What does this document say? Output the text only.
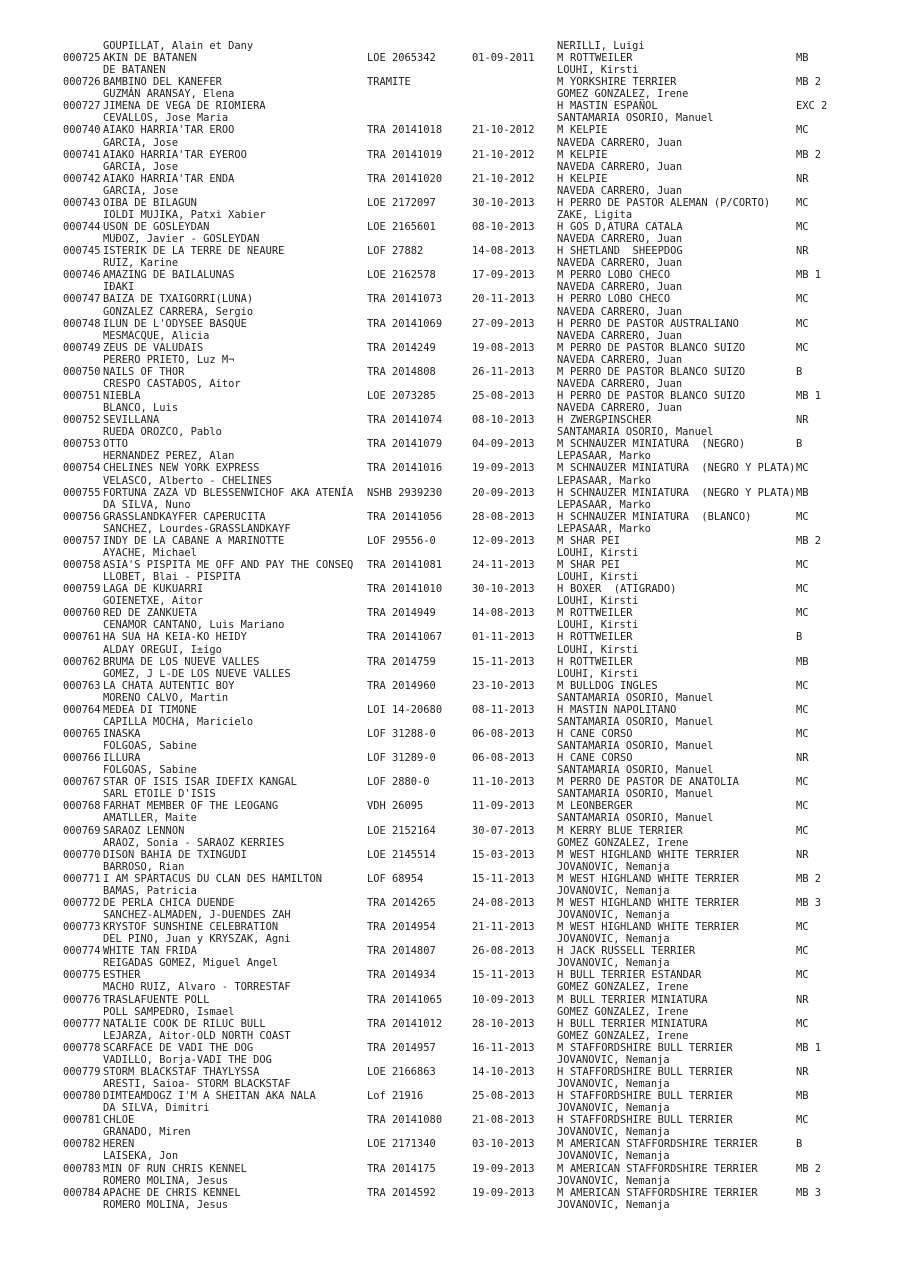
GOUPILLAT, Alain et Dany

	NERILLI, Luigi

000725 AKIN DE BATANEN	LOE 2065342	01-09-2011 M ROTTWEILER	MB
DE BATANEN	LOUHI, Kirsti
000726 BAMBINO DEL KANEFER	TRAMITE	M YORKSHIRE TERRIER	MB 2
GUZMÁN ARANSAY, Elena	GOMEZ GONZALEZ, Irene
000727 JIMENA DE VEGA DE RIOMIERA	H MASTIN ESPAÑOL	EXC 2
CEVALLOS, Jose Maria	SANTAMARIA OSORIO, Manuel
000740 AIAKO HARRIA'TAR EROO	TRA 20141018	21-10-2012 M KELPIE	MC
GARCIA, Jose	NAVEDA CARRERO, Juan
000741 AIAKO HARRIA'TAR EYEROO	TRA 20141019	21-10-2012 M KELPIE	MB 2
GARCIA, Jose	NAVEDA CARRERO, Juan
000742 AIAKO HARRIA'TAR ENDA	TRA 20141020	21-10-2012 H KELPIE	NR
GARCIA, Jose	NAVEDA CARRERO, Juan
000743 OIBA DE BILAGUN	LOE 2172097	30-10-2013 H PERRO DE PASTOR ALEMAN (P/CORTO) MC
IOLDI MUJIKA, Patxi Xabier	ZAKE, Ligita
000744 USON DE GOSLEYDAN	LOE 2165601	08-10-2013 H GOS D,ATURA CATALA	MC
MUÐOZ, Javier - GOSLEYDAN	NAVEDA CARRERO, Juan
000745 ISTERIK DE LA TERRE DE NEAURE	LOF 27882	14-08-2013 H SHETLAND  SHEEPDOG	NR
RUIZ, Karine	NAVEDA CARRERO, Juan
000746 AMAZING DE BAILALUNAS	LOE 2162578	17-09-2013 M PERRO LOBO CHECO	MB 1
IÐAKI	NAVEDA CARRERO, Juan
000747 BAIZA DE TXAIGORRI(LUNA)	TRA 20141073	20-11-2013 H PERRO LOBO CHECO	MC
GONZALEZ CARRERA, Sergio	NAVEDA CARRERO, Juan
000748 ILUN DE L'ODYSEE BASQUE	TRA 20141069	27-09-2013 H PERRO DE PASTOR AUSTRALIANO	MC
MESMACQUE, Alicia	NAVEDA CARRERO, Juan
000749 ZEUS DE VALUDAIS	TRA 2014249	19-08-2013 M PERRO DE PASTOR BLANCO SUIZO	MC
PERERO PRIETO, Luz M¬	NAVEDA CARRERO, Juan
000750 NAILS OF THOR	TRA 2014808	26-11-2013 M PERRO DE PASTOR BLANCO SUIZO	B
CRESPO CASTAÐOS, Aitor	NAVEDA CARRERO, Juan
000751 NIEBLA	LOE 2073285	25-08-2013 H PERRO DE PASTOR BLANCO SUIZO	MB 1
BLANCO, Luis	NAVEDA CARRERO, Juan
000752 SEVILLANA	TRA 20141074	08-10-2013 H ZWERGPINSCHER	NR
RUEDA OROZCO, Pablo	SANTAMARIA OSORIO, Manuel
000753 OTTO	TRA 20141079	04-09-2013 M SCHNAUZER MINIATURA  (NEGRO)	B
HERNANDEZ PEREZ, Alan	LEPASAAR, Marko
000754 CHELINES NEW YORK EXPRESS	TRA 20141016	19-09-2013 M SCHNAUZER MINIATURA  (NEGRO Y PLATA) MC
VELASCO, Alberto - CHELINES	LEPASAAR, Marko
000755 FORTUNA ZAZA VD BLESSENWICHOF AKA ATENÍA NSHB 2939230	20-09-2013 H SCHNAUZER MINIATURA  (NEGRO Y PLATA) MB
DA SILVA, Nuno	LEPASAAR, Marko
000756 GRASSLANDKAYFER CAPERUCITA	TRA 20141056	28-08-2013 H SCHNAUZER MINIATURA  (BLANCO)	MC
SANCHEZ, Lourdes-GRASSLANDKAYF	LEPASAAR, Marko
000757 INDY DE LA CABANE A MARINOTTE	LOF 29556-0	12-09-2013 M SHAR PEI	MB 2
AYACHE, Michael	LOUHI, Kirsti
000758 ASIA'S PISPITA ME OFF AND PAY THE CONSEQ TRA 20141081	24-11-2013 M SHAR PEI	MC
LLOBET, Blai - PISPITA	LOUHI, Kirsti
000759 LAGA DE KUKUARRI	TRA 20141010	30-10-2013 H BOXER  (ATIGRADO)	MC
GOIENETXE, Aitor	LOUHI, Kirsti
000760 RED DE ZANKUETA	TRA 2014949	14-08-2013 M ROTTWEILER	MC
CENAMOR CANTANO, Luis Mariano	LOUHI, Kirsti
000761 HA SUA HA KEIA-KO HEIDY	TRA 20141067	01-11-2013 H ROTTWEILER	B
ALDAY OREGUI, I±igo	LOUHI, Kirsti
000762 BRUMA DE LOS NUEVE VALLES	TRA 2014759	15-11-2013 H ROTTWEILER	MB
GOMEZ, J L-DE LOS NUEVE VALLES	LOUHI, Kirsti
000763 LA CHATA AUTENTIC BOY	TRA 2014960	23-10-2013 M BULLDOG INGLES	MC
MORENO CALVO, Martin	SANTAMARIA OSORIO, Manuel
000764 MEDEA DI TIMONE	LOI 14-20680	08-11-2013 H MASTIN NAPOLITANO	MC
CAPILLA MOCHA, Maricielo	SANTAMARIA OSORIO, Manuel
000765 INASKA	LOF 31288-0	06-08-2013 H CANE CORSO	MC
FOLGOAS, Sabine	SANTAMARIA OSORIO, Manuel
000766 ILLURA	LOF 31289-0	06-08-2013 H CANE CORSO	NR
FOLGOAS, Sabine	SANTAMARIA OSORIO, Manuel
000767 STAR OF ISIS ISAR IDEFIX KANGAL	LOF 2880-0	11-10-2013 M PERRO DE PASTOR DE ANATOLIA	MC
SARL ETOILE D'ISIS	SANTAMARIA OSORIO, Manuel
000768 FARHAT MEMBER OF THE LEOGANG	VDH 26095	11-09-2013 M LEONBERGER	MC
AMATLLER, Maite	SANTAMARIA OSORIO, Manuel
000769 SARAOZ LENNON	LOE 2152164	30-07-2013 M KERRY BLUE TERRIER	MC
ARAOZ, Sonia - SARAOZ KERRIES	GOMEZ GONZALEZ, Irene
000770 DISON BAHIA DE TXINGUDI	LOE 2145514	15-03-2013 M WEST HIGHLAND WHITE TERRIER	NR
BARROSO, Rian	JOVANOVIC, Nemanja
000771 I AM SPARTACUS DU CLAN DES HAMILTON	LOF 68954	15-11-2013 M WEST HIGHLAND WHITE TERRIER	MB 2
BAMAS, Patricia	JOVANOVIC, Nemanja
000772 DE PERLA CHICA DUENDE	TRA 2014265	24-08-2013 M WEST HIGHLAND WHITE TERRIER	MB 3
SANCHEZ-ALMADEN, J-DUENDES ZAH	JOVANOVIC, Nemanja
000773 KRYSTOF SUNSHINE CELEBRATION	TRA 2014954	21-11-2013 M WEST HIGHLAND WHITE TERRIER	MC
DEL PINO, Juan y KRYSZAK, Agni	JOVANOVIC, Nemanja
000774 WHITE TAN FRIDA	TRA 2014807	26-08-2013 H JACK RUSSELL TERRIER	MC
REIGADAS GOMEZ, Miguel Angel	JOVANOVIC, Nemanja
000775 ESTHER	TRA 2014934	15-11-2013 H BULL TERRIER ESTANDAR	MC
MACHO RUIZ, Alvaro - TORRESTAF	GOMEZ GONZALEZ, Irene
000776 TRASLAFUENTE POLL	TRA 20141065	10-09-2013 M BULL TERRIER MINIATURA	NR
POLL SAMPEDRO, Ismael	GOMEZ GONZALEZ, Irene
000777 NATALIE COOK DE RILUC BULL	TRA 20141012	28-10-2013 H BULL TERRIER MINIATURA	MC
LEJARZA, Aitor-OLD NORTH COAST	GOMEZ GONZALEZ, Irene
000778 SCARFACE DE VADI THE DOG	TRA 2014957	16-11-2013 M STAFFORDSHIRE BULL TERRIER	MB 1
VADILLO, Borja-VADI THE DOG	JOVANOVIC, Nemanja
000779 STORM BLACKSTAF THAYLYSSA	LOE 2166863	14-10-2013 H STAFFORDSHIRE BULL TERRIER	NR
ARESTI, Saioa- STORM BLACKSTAF	JOVANOVIC, Nemanja
000780 DIMTEAMDOGZ I'M A SHEITAN AKA NALA	Lof 21916	25-08-2013 H STAFFORDSHIRE BULL TERRIER	MB
DA SILVA, Dimitri	JOVANOVIC, Nemanja
000781 CHLOE	TRA 20141080	21-08-2013 H STAFFORDSHIRE BULL TERRIER	MC
GRANADO, Miren	JOVANOVIC, Nemanja
000782 HEREN	LOE 2171340	03-10-2013 M AMERICAN STAFFORDSHIRE TERRIER	B
LAISEKA, Jon	JOVANOVIC, Nemanja
000783 MIN OF RUN CHRIS KENNEL	TRA 2014175	19-09-2013 M AMERICAN STAFFORDSHIRE TERRIER	MB 2
ROMERO MOLINA, Jesus	JOVANOVIC, Nemanja
000784 APACHE DE CHRIS KENNEL	TRA 2014592	19-09-2013 M AMERICAN STAFFORDSHIRE TERRIER	MB 3
ROMERO MOLINA, Jesus	JOVANOVIC, Nemanja
